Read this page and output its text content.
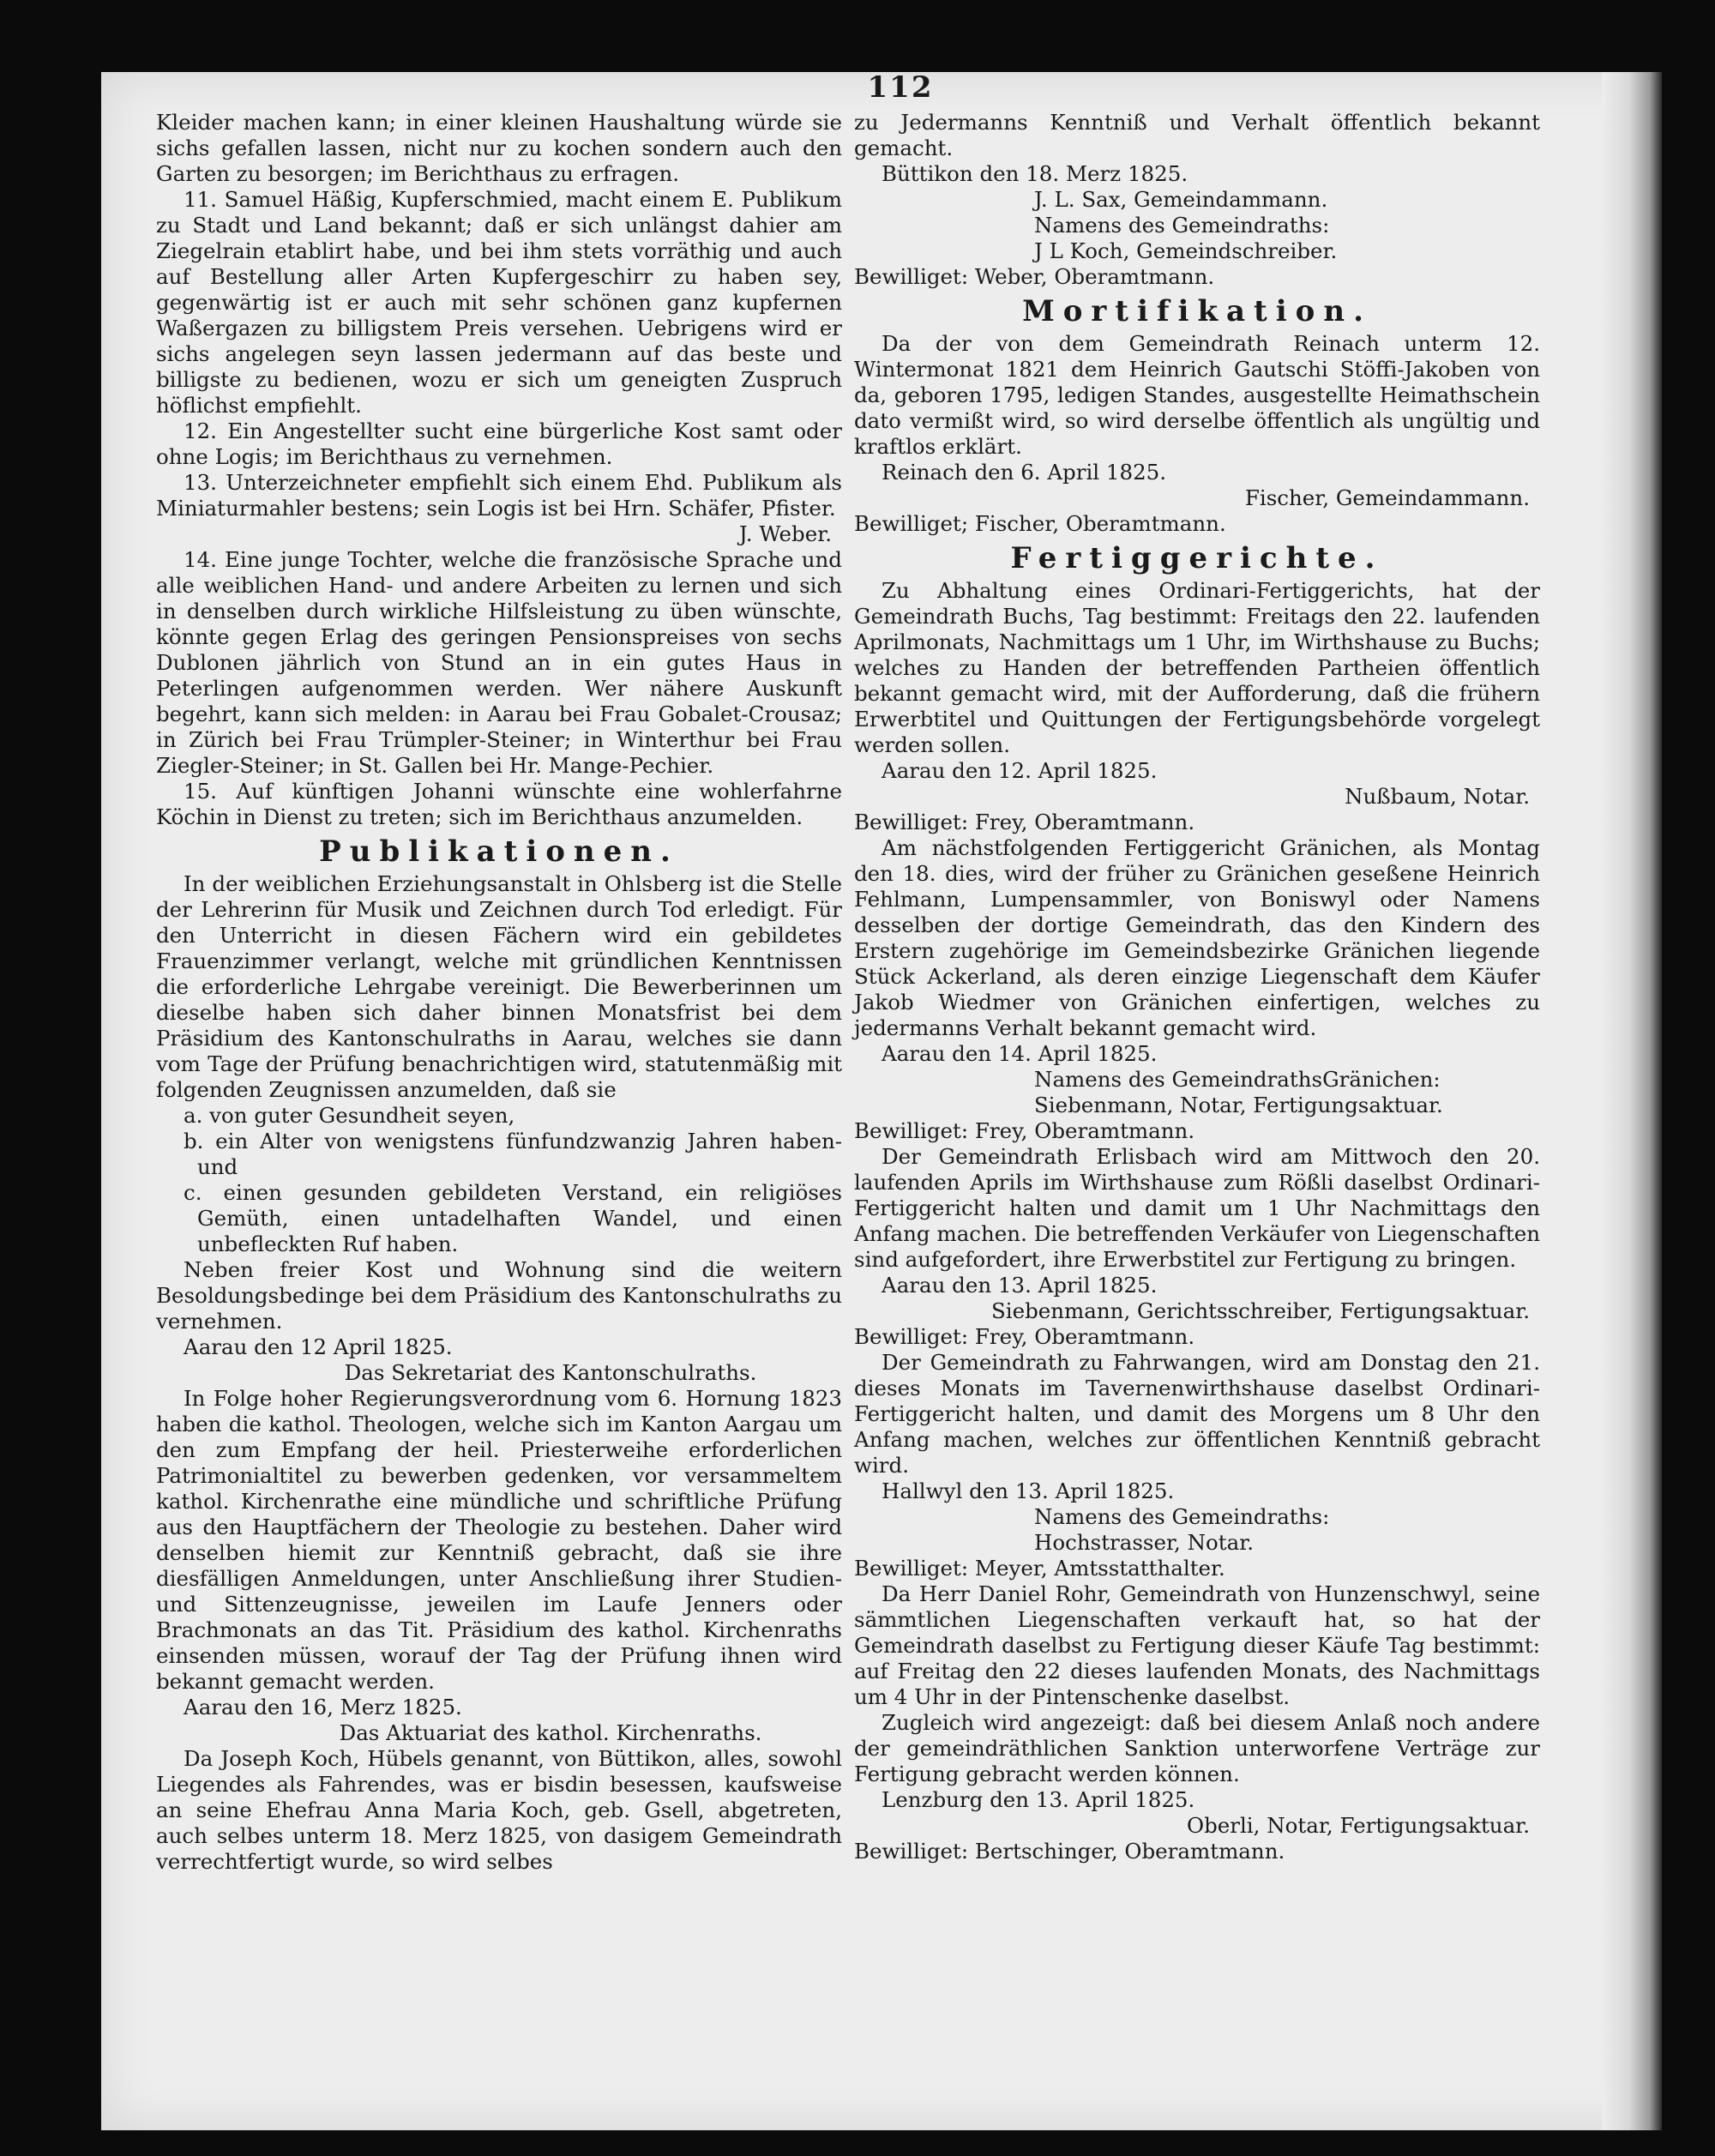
112

Kleider machen kann; in einer kleinen Haushaltung würde sie sichs gefallen lassen, nicht nur zu kochen sondern auch den Garten zu besorgen; im Berichthaus zu erfragen.

11. Samuel Häßig, Kupferschmied, macht einem E. Publikum zu Stadt und Land bekannt; daß er sich unlängst dahier am Ziegelrain etablirt habe, und bei ihm stets vorräthig und auch auf Bestellung aller Arten Kupfergeschirr zu haben sey, gegenwärtig ist er auch mit sehr schönen ganz kupfernen Waßergazen zu billigstem Preis versehen. Uebrigens wird er sichs angelegen seyn lassen jedermann auf das beste und billigste zu bedienen, wozu er sich um geneigten Zuspruch höflichst empfiehlt.

12. Ein Angestellter sucht eine bürgerliche Kost samt oder ohne Logis; im Berichthaus zu vernehmen.

13. Unterzeichneter empfiehlt sich einem Ehd. Publikum als Miniaturmahler bestens; sein Logis ist bei Hrn. Schäfer, Pfister.

J. Weber.

14. Eine junge Tochter, welche die französische Sprache und alle weiblichen Hand- und andere Arbeiten zu lernen und sich in denselben durch wirkliche Hilfsleistung zu üben wünschte, könnte gegen Erlag des geringen Pensionspreises von sechs Dublonen jährlich von Stund an in ein gutes Haus in Peterlingen aufgenommen werden. Wer nähere Auskunft begehrt, kann sich melden: in Aarau bei Frau Gobalet-Crousaz; in Zürich bei Frau Trümpler-Steiner; in Winterthur bei Frau Ziegler-Steiner; in St. Gallen bei Hr. Mange-Pechier.

15. Auf künftigen Johanni wünschte eine wohlerfahrne Köchin in Dienst zu treten; sich im Berichthaus anzumelden.

Publikationen.

In der weiblichen Erziehungsanstalt in Ohlsberg ist die Stelle der Lehrerinn für Musik und Zeichnen durch Tod erledigt. Für den Unterricht in diesen Fächern wird ein gebildetes Frauenzimmer verlangt, welche mit gründlichen Kenntnissen die erforderliche Lehrgabe vereinigt. Die Bewerberinnen um dieselbe haben sich daher binnen Monatsfrist bei dem Präsidium des Kantonschulraths in Aarau, welches sie dann vom Tage der Prüfung benachrichtigen wird, statutenmäßig mit folgenden Zeugnissen anzumelden, daß sie

a. von guter Gesundheit seyen,

b. ein Alter von wenigstens fünfundzwanzig Jahren haben- und

c. einen gesunden gebildeten Verstand, ein religiöses Gemüth, einen untadelhaften Wandel, und einen unbefleckten Ruf haben.

Neben freier Kost und Wohnung sind die weitern Besoldungsbedinge bei dem Präsidium des Kantonschulraths zu vernehmen.

Aarau den 12 April 1825.

Das Sekretariat des Kantonschulraths.

In Folge hoher Regierungsverordnung vom 6. Hornung 1823 haben die kathol. Theologen, welche sich im Kanton Aargau um den zum Empfang der heil. Priesterweihe erforderlichen Patrimonialtitel zu bewerben gedenken, vor versammeltem kathol. Kirchenrathe eine mündliche und schriftliche Prüfung aus den Hauptfächern der Theologie zu bestehen. Daher wird denselben hiemit zur Kenntniß gebracht, daß sie ihre diesfälligen Anmeldungen, unter Anschließung ihrer Studien- und Sittenzeugnisse, jeweilen im Laufe Jenners oder Brachmonats an das Tit. Präsidium des kathol. Kirchenraths einsenden müssen, worauf der Tag der Prüfung ihnen wird bekannt gemacht werden.

Aarau den 16, Merz 1825.

Das Aktuariat des kathol. Kirchenraths.

Da Joseph Koch, Hübels genannt, von Büttikon, alles, sowohl Liegendes als Fahrendes, was er bisdin besessen, kaufsweise an seine Ehefrau Anna Maria Koch, geb. Gsell, abgetreten, auch selbes unterm 18. Merz 1825, von dasigem Gemeindrath verrechtfertigt wurde, so wird selbes

zu Jedermanns Kenntniß und Verhalt öffentlich bekannt gemacht.

Büttikon den 18. Merz 1825.

J. L. Sax, Gemeindammann.

Namens des Gemeindraths:

J L Koch, Gemeindschreiber.

Bewilliget: Weber, Oberamtmann.

Mortifikation.

Da der von dem Gemeindrath Reinach unterm 12. Wintermonat 1821 dem Heinrich Gautschi Stöffi-Jakoben von da, geboren 1795, ledigen Standes, ausgestellte Heimathschein dato vermißt wird, so wird derselbe öffentlich als ungültig und kraftlos erklärt.

Reinach den 6. April 1825.

Fischer, Gemeindammann.

Bewilliget; Fischer, Oberamtmann.

Fertiggerichte.

Zu Abhaltung eines Ordinari-Fertiggerichts, hat der Gemeindrath Buchs, Tag bestimmt: Freitags den 22. laufenden Aprilmonats, Nachmittags um 1 Uhr, im Wirthshause zu Buchs; welches zu Handen der betreffenden Partheien öffentlich bekannt gemacht wird, mit der Aufforderung, daß die frühern Erwerbtitel und Quittungen der Fertigungsbehörde vorgelegt werden sollen.

Aarau den 12. April 1825.

Nußbaum, Notar.

Bewilliget: Frey, Oberamtmann.

Am nächstfolgenden Fertiggericht Gränichen, als Montag den 18. dies, wird der früher zu Gränichen geseßene Heinrich Fehlmann, Lumpensammler, von Boniswyl oder Namens desselben der dortige Gemeindrath, das den Kindern des Erstern zugehörige im Gemeindsbezirke Gränichen liegende Stück Ackerland, als deren einzige Liegenschaft dem Käufer Jakob Wiedmer von Gränichen einfertigen, welches zu jedermanns Verhalt bekannt gemacht wird.

Aarau den 14. April 1825.

Namens des GemeindrathsGränichen:

Siebenmann, Notar, Fertigungsaktuar.

Bewilliget: Frey, Oberamtmann.

Der Gemeindrath Erlisbach wird am Mittwoch den 20. laufenden Aprils im Wirthshause zum Rößli daselbst Ordinari-Fertiggericht halten und damit um 1 Uhr Nachmittags den Anfang machen. Die betreffenden Verkäufer von Liegenschaften sind aufgefordert, ihre Erwerbstitel zur Fertigung zu bringen.

Aarau den 13. April 1825.

Siebenmann, Gerichtsschreiber, Fertigungsaktuar.

Bewilliget: Frey, Oberamtmann.

Der Gemeindrath zu Fahrwangen, wird am Donstag den 21. dieses Monats im Tavernenwirthshause daselbst Ordinari-Fertiggericht halten, und damit des Morgens um 8 Uhr den Anfang machen, welches zur öffentlichen Kenntniß gebracht wird.

Hallwyl den 13. April 1825.

Namens des Gemeindraths:

Hochstrasser, Notar.

Bewilliget: Meyer, Amtsstatthalter.

Da Herr Daniel Rohr, Gemeindrath von Hunzenschwyl, seine sämmtlichen Liegenschaften verkauft hat, so hat der Gemeindrath daselbst zu Fertigung dieser Käufe Tag bestimmt: auf Freitag den 22 dieses laufenden Monats, des Nachmittags um 4 Uhr in der Pintenschenke daselbst.

Zugleich wird angezeigt: daß bei diesem Anlaß noch andere der gemeindräthlichen Sanktion unterworfene Verträge zur Fertigung gebracht werden können.

Lenzburg den 13. April 1825.

Oberli, Notar, Fertigungsaktuar.

Bewilliget: Bertschinger, Oberamtmann.
